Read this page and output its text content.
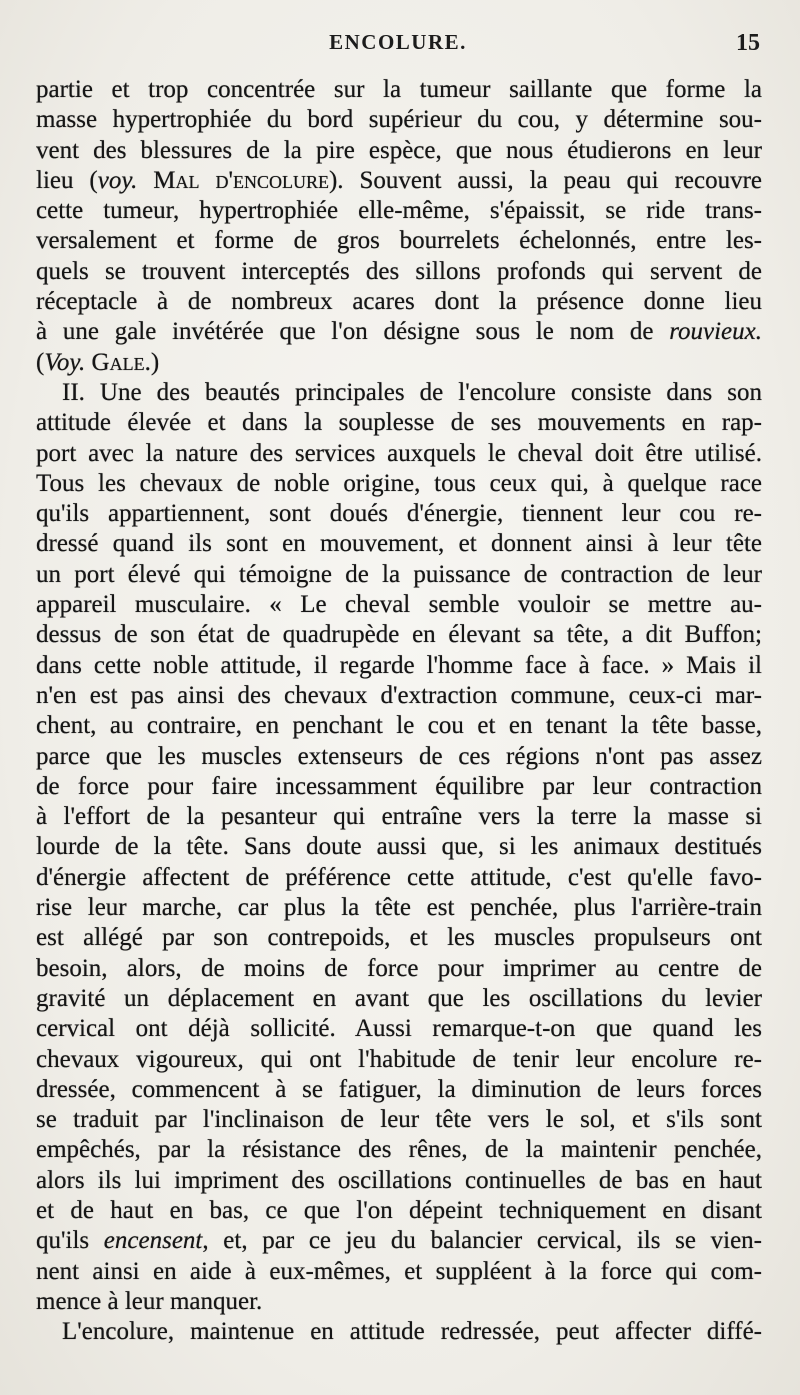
ENCOLURE.	15
partie et trop concentrée sur la tumeur saillante que forme la
masse hypertrophiée du bord supérieur du cou, y détermine sou-
vent des blessures de la pire espèce, que nous étudierons en leur
lieu (voy. Mal d'encolure). Souvent aussi, la peau qui recouvre
cette tumeur, hypertrophiée elle-même, s'épaissit, se ride trans-
versalement et forme de gros bourrelets échelonnés, entre les-
quels se trouvent interceptés des sillons profonds qui servent de
réceptacle à de nombreux acares dont la présence donne lieu
à une gale invétérée que l'on désigne sous le nom de rouvieux.
(Voy. Gale.)
II. Une des beautés principales de l'encolure consiste dans son
attitude élevée et dans la souplesse de ses mouvements en rap-
port avec la nature des services auxquels le cheval doit être utilisé.
Tous les chevaux de noble origine, tous ceux qui, à quelque race
qu'ils appartiennent, sont doués d'énergie, tiennent leur cou re-
dressé quand ils sont en mouvement, et donnent ainsi à leur tête
un port élevé qui témoigne de la puissance de contraction de leur
appareil musculaire. « Le cheval semble vouloir se mettre au-
dessus de son état de quadrupède en élevant sa tête, a dit Buffon;
dans cette noble attitude, il regarde l'homme face à face. » Mais il
n'en est pas ainsi des chevaux d'extraction commune, ceux-ci mar-
chent, au contraire, en penchant le cou et en tenant la tête basse,
parce que les muscles extenseurs de ces régions n'ont pas assez
de force pour faire incessamment équilibre par leur contraction
à l'effort de la pesanteur qui entraîne vers la terre la masse si
lourde de la tête. Sans doute aussi que, si les animaux destitués
d'énergie affectent de préférence cette attitude, c'est qu'elle favo-
rise leur marche, car plus la tête est penchée, plus l'arrière-train
est allégé par son contrepoids, et les muscles propulseurs ont
besoin, alors, de moins de force pour imprimer au centre de
gravité un déplacement en avant que les oscillations du levier
cervical ont déjà sollicité. Aussi remarque-t-on que quand les
chevaux vigoureux, qui ont l'habitude de tenir leur encolure re-
dressée, commencent à se fatiguer, la diminution de leurs forces
se traduit par l'inclinaison de leur tête vers le sol, et s'ils sont
empêchés, par la résistance des rênes, de la maintenir penchée,
alors ils lui impriment des oscillations continuelles de bas en haut
et de haut en bas, ce que l'on dépeint techniquement en disant
qu'ils encensent, et, par ce jeu du balancier cervical, ils se vien-
nent ainsi en aide à eux-mêmes, et suppléent à la force qui com-
mence à leur manquer.
L'encolure, maintenue en attitude redressée, peut affecter diffé-
